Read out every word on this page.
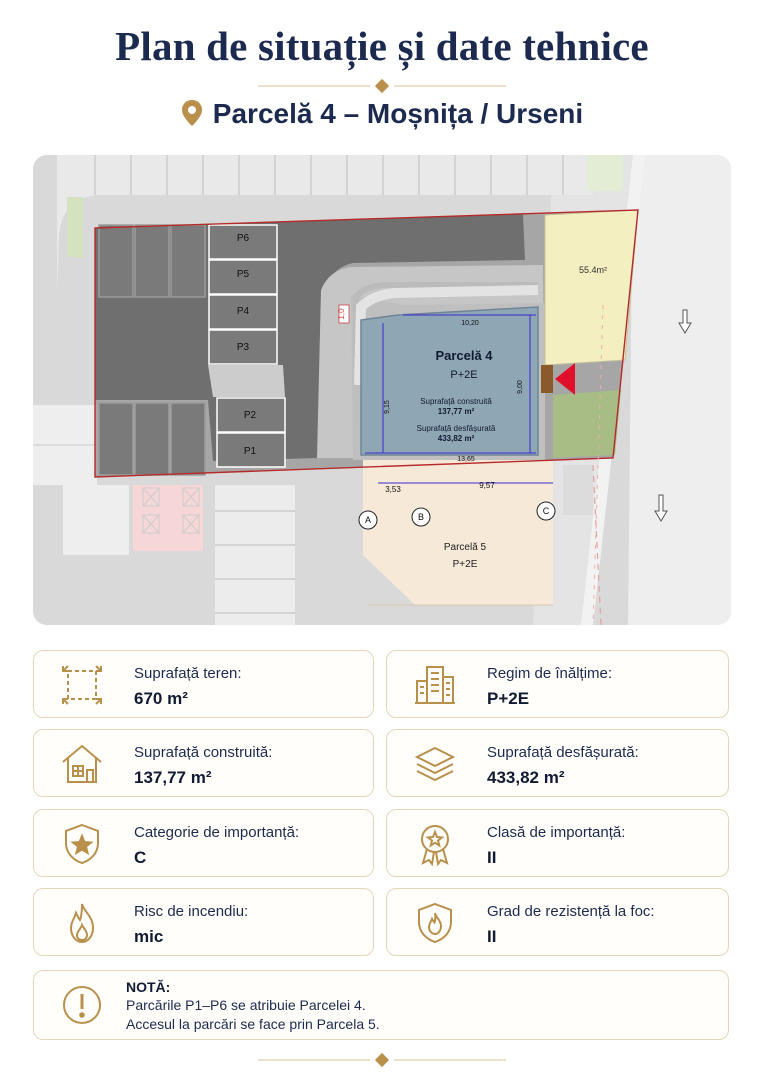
Plan de situație și date tehnice
Parcelă 4 – Moșnița / Urseni
1,0
P6
P5
P4
P3
P2
P1
55.4m²
Parcelă 4
P+2E
Suprafață construită
137,77 m²
Suprafață desfășurată
433,82 m²
10,20
13,65
9,15
9,00
3,53	9,57
A	B
C
Parcelă 5
P+2E
Suprafață teren:
670 m²
Regim de înălțime:
P+2E
Suprafață construită:
137,77 m²
Suprafață desfășurată:
433,82 m²
Categorie de importanță:
C
Clasă de importanță:
II
Risc de incendiu:
mic
Grad de rezistență la foc:
II
NOTĂ:
Parcările P1–P6 se atribuie Parcelei 4.
Accesul la parcări se face prin Parcela 5.
